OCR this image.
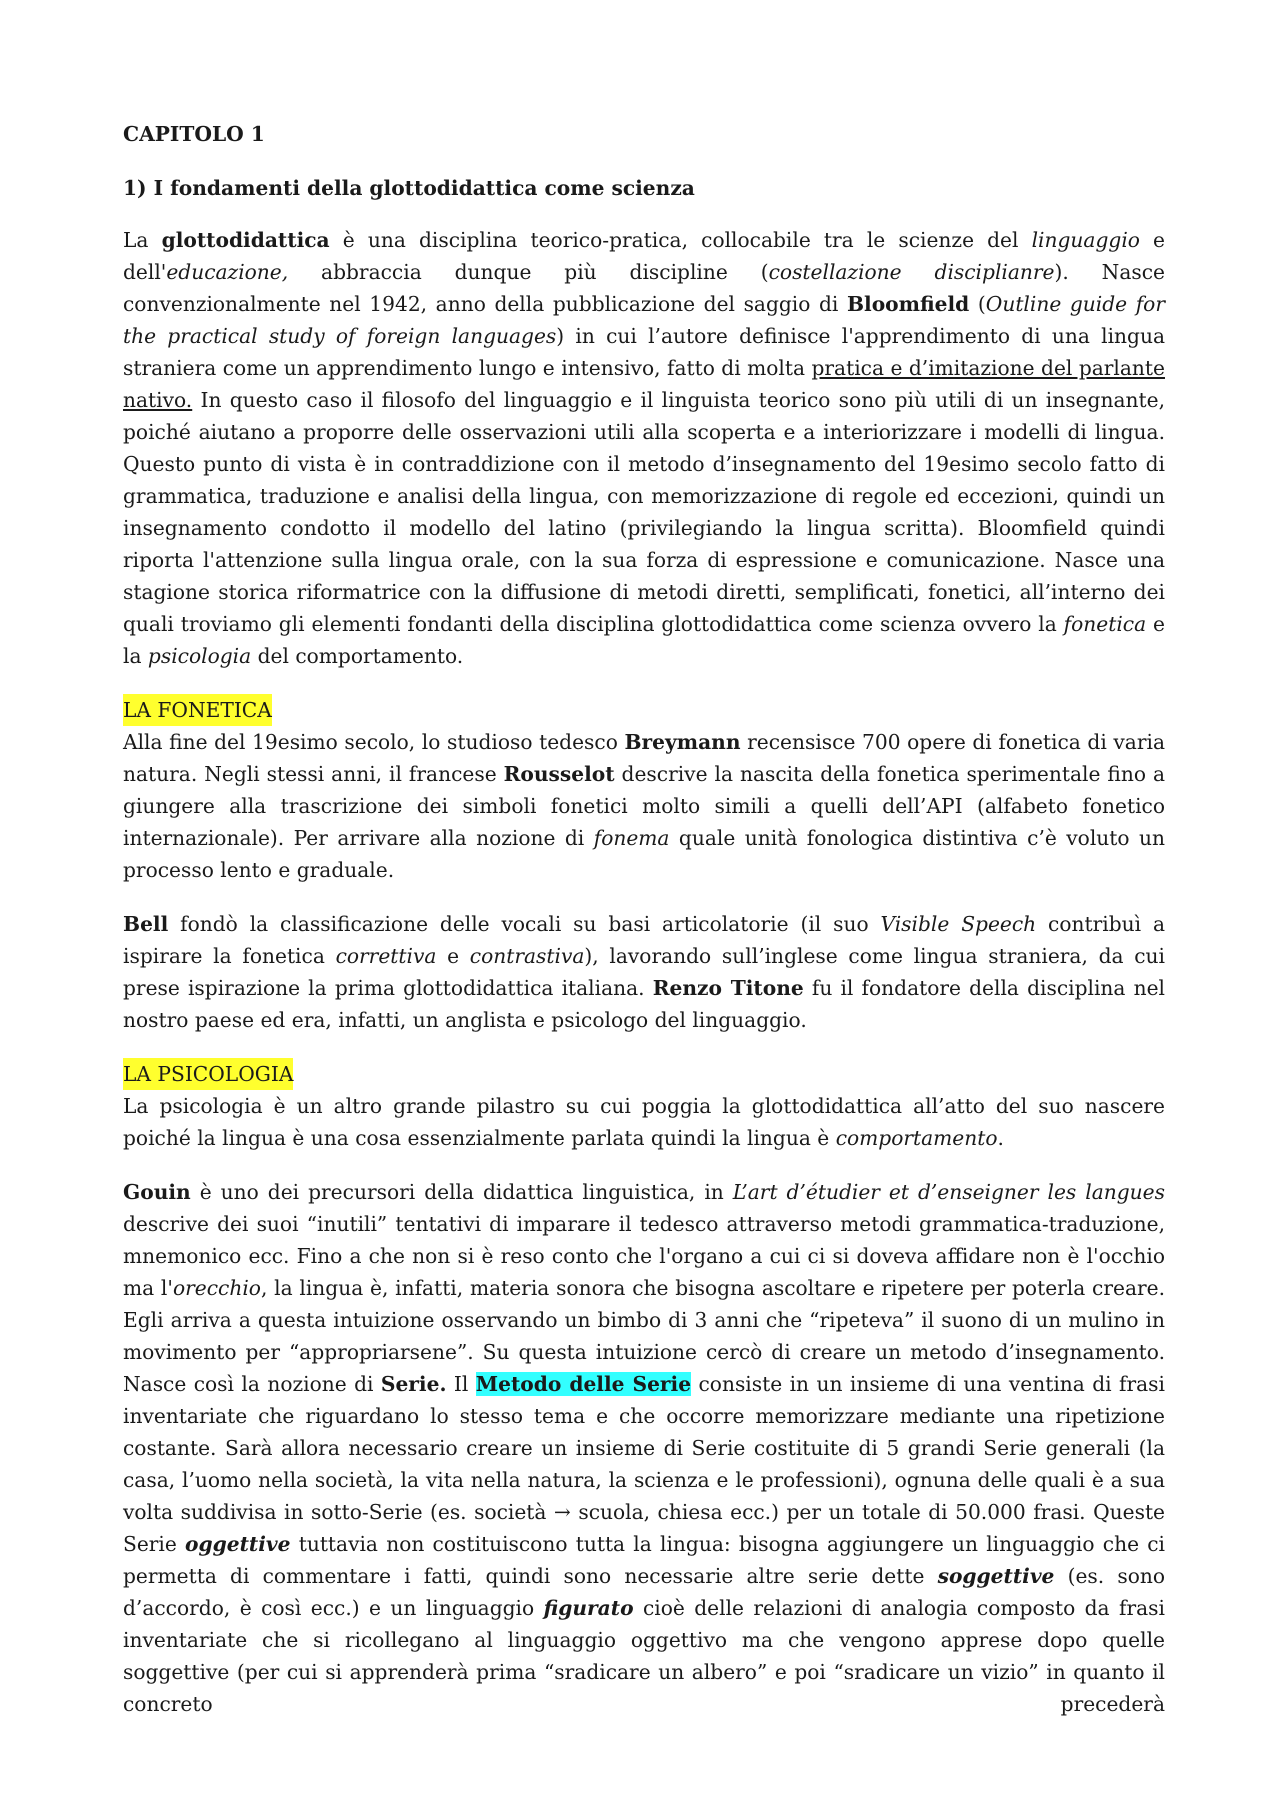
CAPITOLO 1
1) I fondamenti della glottodidattica come scienza

La glottodidattica è una disciplina teorico-pratica, collocabile tra le scienze del linguaggio e dell'educazione, abbraccia dunque più discipline (costellazione disciplianre). Nasce convenzionalmente nel 1942, anno della pubblicazione del saggio di Bloomfield (Outline guide for the practical study of foreign languages) in cui l’autore definisce l'apprendimento di una lingua straniera come un apprendimento lungo e intensivo, fatto di molta pratica e d’imitazione del parlante nativo. In questo caso il filosofo del linguaggio e il linguista teorico sono più utili di un insegnante, poiché aiutano a proporre delle osservazioni utili alla scoperta e a interiorizzare i modelli di lingua. Questo punto di vista è in contraddizione con il metodo d’insegnamento del 19esimo secolo fatto di grammatica, traduzione e analisi della lingua, con memorizzazione di regole ed eccezioni, quindi un insegnamento condotto il modello del latino (privilegiando la lingua scritta). Bloomfield quindi riporta l'attenzione sulla lingua orale, con la sua forza di espressione e comunicazione. Nasce una stagione storica riformatrice con la diffusione di metodi diretti, semplificati, fonetici, all’interno dei quali troviamo gli elementi fondanti della disciplina glottodidattica come scienza ovvero la fonetica e la psicologia del comportamento.

LA FONETICA
Alla fine del 19esimo secolo, lo studioso tedesco Breymann recensisce 700 opere di fonetica di varia natura. Negli stessi anni, il francese Rousselot descrive la nascita della fonetica sperimentale fino a giungere alla trascrizione dei simboli fonetici molto simili a quelli dell’API (alfabeto fonetico internazionale). Per arrivare alla nozione di fonema quale unità fonologica distintiva c’è voluto un processo lento e graduale.

Bell fondò la classificazione delle vocali su basi articolatorie (il suo Visible Speech contribuì a ispirare la fonetica correttiva e contrastiva), lavorando sull’inglese come lingua straniera, da cui prese ispirazione la prima glottodidattica italiana. Renzo Titone fu il fondatore della disciplina nel nostro paese ed era, infatti, un anglista e psicologo del linguaggio.

LA PSICOLOGIA
La psicologia è un altro grande pilastro su cui poggia la glottodidattica all’atto del suo nascere poiché la lingua è una cosa essenzialmente parlata quindi la lingua è comportamento.

Gouin è uno dei precursori della didattica linguistica, in L’art d’étudier et d’enseigner les langues descrive dei suoi “inutili” tentativi di imparare il tedesco attraverso metodi grammatica-traduzione, mnemonico ecc. Fino a che non si è reso conto che l'organo a cui ci si doveva affidare non è l'occhio ma l'orecchio, la lingua è, infatti, materia sonora che bisogna ascoltare e ripetere per poterla creare. Egli arriva a questa intuizione osservando un bimbo di 3 anni che “ripeteva” il suono di un mulino in movimento per “appropriarsene”. Su questa intuizione cercò di creare un metodo d’insegnamento. Nasce così la nozione di Serie. Il Metodo delle Serie consiste in un insieme di una ventina di frasi inventariate che riguardano lo stesso tema e che occorre memorizzare mediante una ripetizione costante. Sarà allora necessario creare un insieme di Serie costituite di 5 grandi Serie generali (la casa, l’uomo nella società, la vita nella natura, la scienza e le professioni), ognuna delle quali è a sua volta suddivisa in sotto-Serie (es. società → scuola, chiesa ecc.) per un totale di 50.000 frasi. Queste Serie oggettive tuttavia non costituiscono tutta la lingua: bisogna aggiungere un linguaggio che ci permetta di commentare i fatti, quindi sono necessarie altre serie dette soggettive (es. sono d’accordo, è così ecc.) e un linguaggio figurato cioè delle relazioni di analogia composto da frasi inventariate che si ricollegano al linguaggio oggettivo ma che vengono apprese dopo quelle soggettive (per cui si apprenderà prima “sradicare un albero” e poi “sradicare un vizio” in quanto il concreto precederà
